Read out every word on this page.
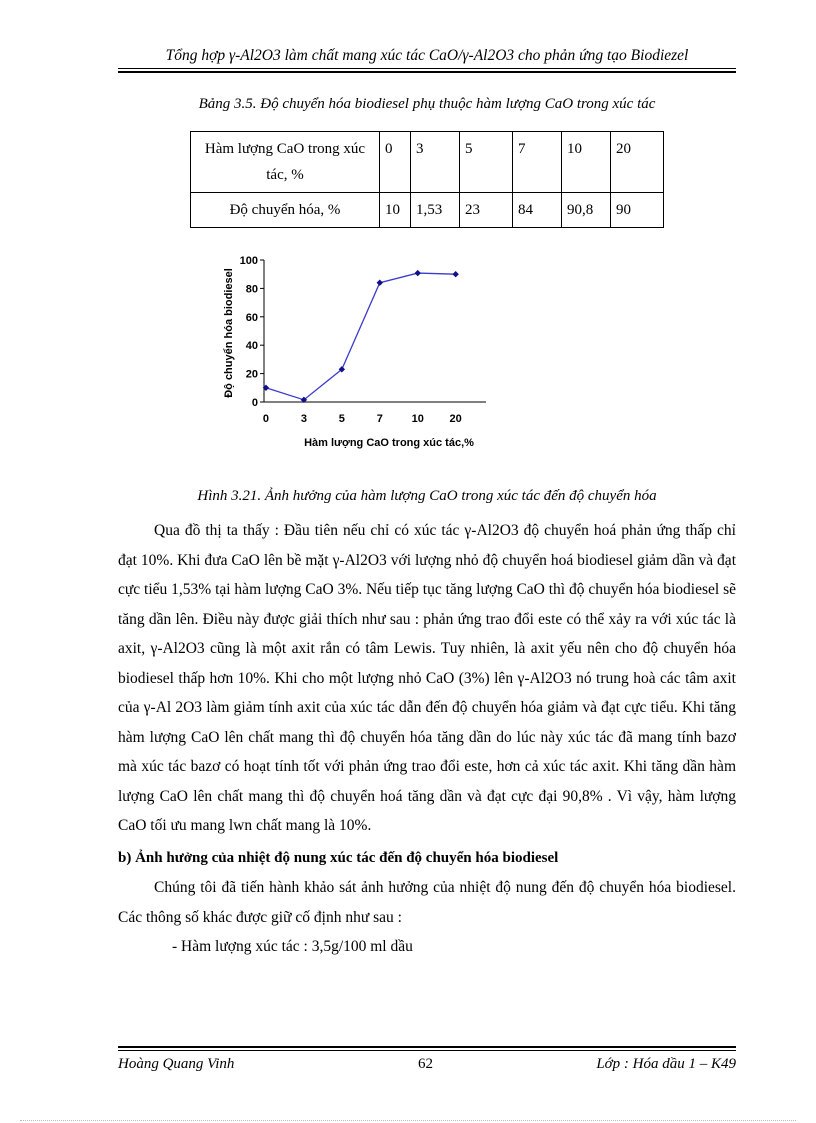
Tổng hợp γ-Al2O3 làm chất mang xúc tác CaO/γ-Al2O3 cho phản ứng tạo Biodiezel
Bảng 3.5. Độ chuyển hóa biodiesel phụ thuộc hàm lượng CaO trong xúc tác
Hàm lượng CaO trong xúc tác, %	0	3	5	7	10	20
Độ chuyển hóa, %	10	1,53	23	84	90,8	90
0
20
40
60
80
100
0	3	5	7	10 20
Hàm lượng CaO trong xúc tác,%
Độ chuyển hóa biodiesel
Hình 3.21. Ảnh hưởng của hàm lượng CaO trong xúc tác đến độ chuyển hóa

Qua đồ thị ta thấy : Đầu tiên nếu chỉ có xúc tác γ-Al2O3 độ chuyển hoá phản ứng thấp chỉ đạt 10%. Khi đưa CaO lên bề mặt γ-Al2O3 với lượng nhỏ độ chuyển hoá biodiesel giảm dần và đạt cực tiểu 1,53% tại hàm lượng CaO 3%. Nếu tiếp tục tăng lượng CaO thì độ chuyển hóa biodiesel sẽ tăng dần lên. Điều này được giải thích như sau : phản ứng trao đổi este có thể xảy ra với xúc tác là axit, γ-Al2O3 cũng là một axit rắn có tâm Lewis. Tuy nhiên, là axit yếu nên cho độ chuyển hóa biodiesel thấp hơn 10%. Khi cho một lượng nhỏ CaO (3%) lên γ-Al2O3 nó trung hoà các tâm axit của γ-Al 2O3 làm giảm tính axit của xúc tác dẫn đến độ chuyển hóa giảm và đạt cực tiểu. Khi tăng hàm lượng CaO lên chất mang thì độ chuyển hóa tăng dần do lúc này xúc tác đã mang tính bazơ mà xúc tác bazơ có hoạt tính tốt với phản ứng trao đổi este, hơn cả xúc tác axit. Khi tăng dần hàm lượng CaO lên chất mang thì độ chuyển hoá tăng dần và đạt cực đại 90,8% . Vì vậy, hàm lượng CaO tối ưu mang lwn chất mang là 10%.

b) Ảnh hưởng của nhiệt độ nung xúc tác đến độ chuyển hóa biodiesel

Chúng tôi đã tiến hành khảo sát ảnh hưởng của nhiệt độ nung đến độ chuyển hóa biodiesel. Các thông số khác được giữ cố định như sau :

- Hàm lượng xúc tác : 3,5g/100 ml dầu

Hoàng Quang Vinh	62	Lớp : Hóa dầu 1 – K49
